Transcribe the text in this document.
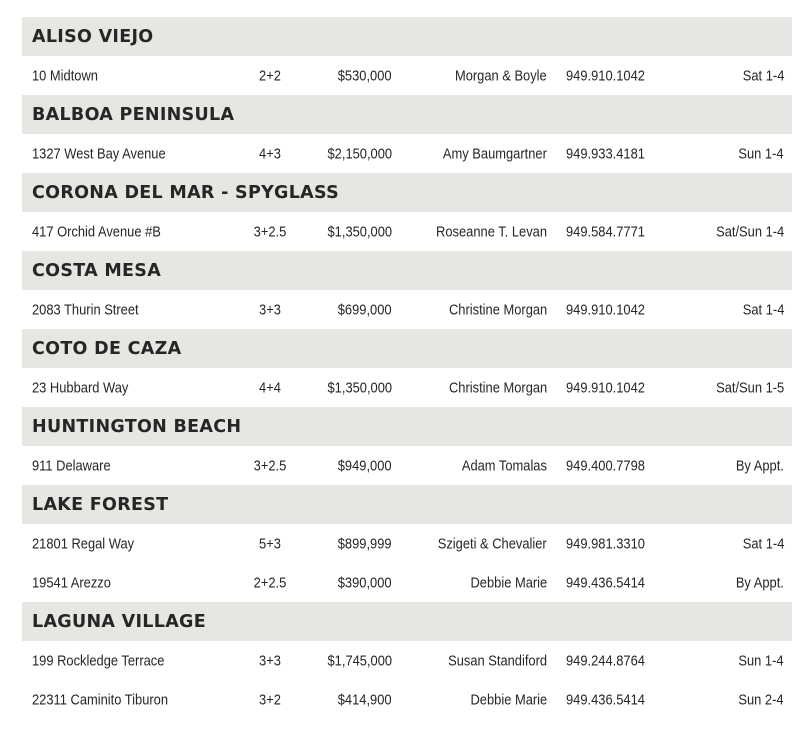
ALISO VIEJO
10 Midtown	2+2	$530,000	Morgan & Boyle 949.910.1042	Sat 1-4
BALBOA PENINSULA
1327 West Bay Avenue	4+3	$2,150,000	Amy Baumgartner 949.933.4181	Sun 1-4
CORONA DEL MAR - SPYGLASS
417 Orchid Avenue #B	3+2.5	$1,350,000	Roseanne T. Levan 949.584.7771	Sat/Sun 1-4
COSTA MESA
2083 Thurin Street	3+3	$699,000	Christine Morgan 949.910.1042	Sat 1-4
COTO DE CAZA
23 Hubbard Way	4+4	$1,350,000	Christine Morgan 949.910.1042	Sat/Sun 1-5
HUNTINGTON BEACH
911 Delaware	3+2.5	$949,000	Adam Tomalas 949.400.7798	By Appt.
LAKE FOREST
21801 Regal Way	5+3	$899,999	Szigeti & Chevalier 949.981.3310	Sat 1-4
19541 Arezzo	2+2.5	$390,000	Debbie Marie 949.436.5414	By Appt.
LAGUNA VILLAGE
199 Rockledge Terrace	3+3	$1,745,000	Susan Standiford 949.244.8764	Sun 1-4
22311 Caminito Tiburon	3+2	$414,900	Debbie Marie 949.436.5414	Sun 2-4
